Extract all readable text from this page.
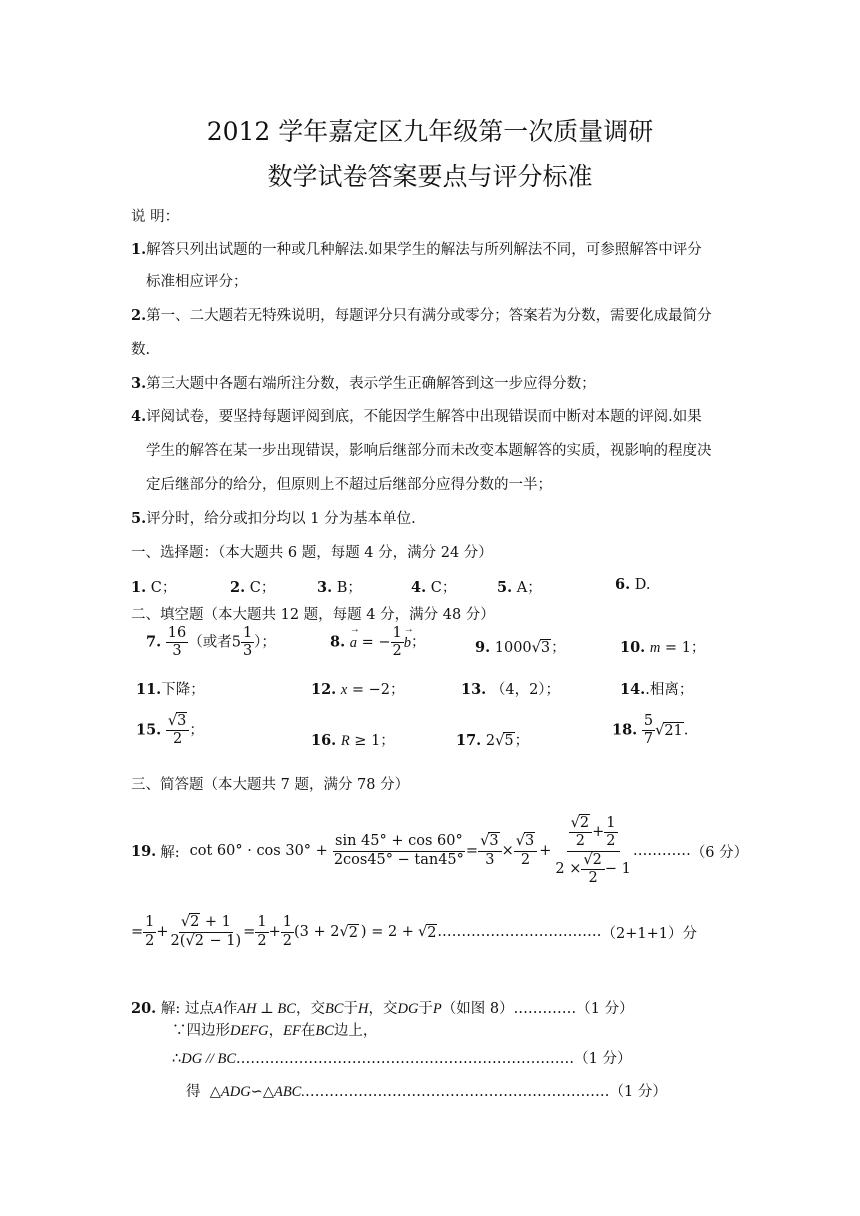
2012 学年嘉定区九年级第一次质量调研
数学试卷答案要点与评分标准
说 明：
1.解答只列出试题的一种或几种解法.如果学生的解法与所列解法不同，可参照解答中评分
标准相应评分；
2.第一、二大题若无特殊说明，每题评分只有满分或零分；答案若为分数，需要化成最简分
数.
3.第三大题中各题右端所注分数，表示学生正确解答到这一步应得分数；
4.评阅试卷，要坚持每题评阅到底，不能因学生解答中出现错误而中断对本题的评阅.如果
学生的解答在某一步出现错误，影响后继部分而未改变本题解答的实质，视影响的程度决
定后继部分的给分，但原则上不超过后继部分应得分数的一半；
5.评分时，给分或扣分均以 1 分为基本单位.
一、选择题：（本大题共 6 题，每题 4 分，满分 24 分）
1. C；	2. C；	3. B；	4. C；	5. A；	6. D.
二、填空题（本大题共 12 题，每题 4 分，满分 48 分）
7. $\frac{16}{3}$ （或者$5 \frac{1}{3}$ ）；	8. → a = − $\frac{1}{2}$
→ b；	9. 1000√3；	10. m = 1；
11.下降；	12. x = −2；	13. （4，2）；	14..相离；
15. $\frac{√3}{2}$ ；
16. R ≥ 1；	17. 2√5；
18. $\frac{5}{7} √21$.
三、简答题（本大题共 7 题，满分 78 分）
19. 解: $\cot 60^\circ \cdot \cos 30^\circ + \frac{\sin 45^\circ + \cos 60^\circ}{2\cos 45^\circ - \tan 45^\circ} = \frac{√3}{3} \times \frac{√3}{2} + \frac{\frac{√2}{2} + \frac{1}{2}}{2 \times \frac{√2}{2} - 1}$ ………… （6 分）
= $\frac{1}{2} + \frac{√2 + 1}{2(√2 - 1)} = \frac{1}{2} + \frac{1}{2} (3 + 2$ √ 2 ) = 2 + √ 2 . …………………………… （2+1+1）分
20. 解: 过点A作AH ⊥ BC，交BC于H，交DG于P（如图 8）.…………（1 分）
∵四边形DEFG，EF在BC边上，
∴DG // BC.……………………………………………………………（1 分）
得 △ADG∽△ABC.………………………………………………………（1 分）
